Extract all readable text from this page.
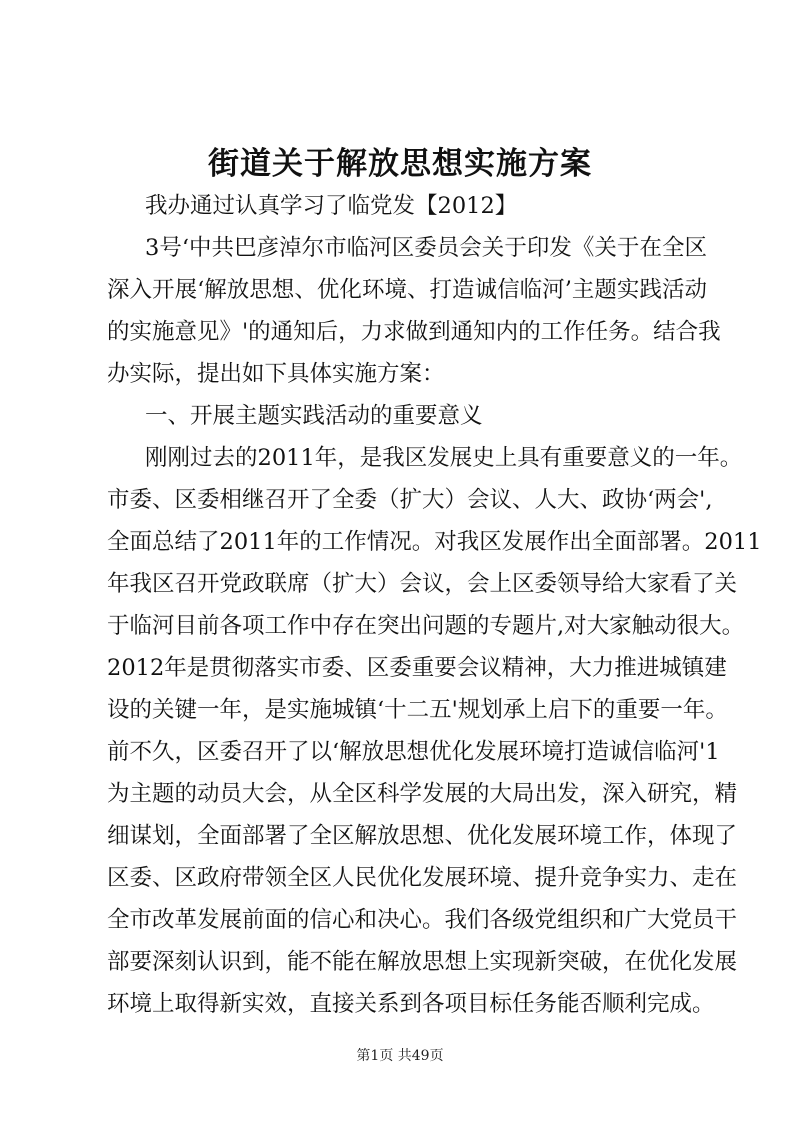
街道关于解放思想实施方案
我办通过认真学习了临党发【2012】
3号‘中共巴彦淖尔市临河区委员会关于印发《关于在全区
深入开展‘解放思想、优化环境、打造诚信临河’主题实践活动
的实施意见》'的通知后，力求做到通知内的工作任务。结合我
办实际，提出如下具体实施方案：
一、开展主题实践活动的重要意义
刚刚过去的2011年，是我区发展史上具有重要意义的一年。
市委、区委相继召开了全委（扩大）会议、人大、政协‘两会',
全面总结了2011年的工作情况。对我区发展作出全面部署。2011
年我区召开党政联席（扩大）会议，会上区委领导给大家看了关
于临河目前各项工作中存在突出问题的专题片,对大家触动很大。
2012年是贯彻落实市委、区委重要会议精神，大力推进城镇建
设的关键一年，是实施城镇‘十二五'规划承上启下的重要一年。
前不久，区委召开了以‘解放思想优化发展环境打造诚信临河'1
为主题的动员大会，从全区科学发展的大局出发，深入研究，精
细谋划，全面部署了全区解放思想、优化发展环境工作，体现了
区委、区政府带领全区人民优化发展环境、提升竞争实力、走在
全市改革发展前面的信心和决心。我们各级党组织和广大党员干
部要深刻认识到，能不能在解放思想上实现新突破，在优化发展
环境上取得新实效，直接关系到各项目标任务能否顺利完成。
第1页 共49页
